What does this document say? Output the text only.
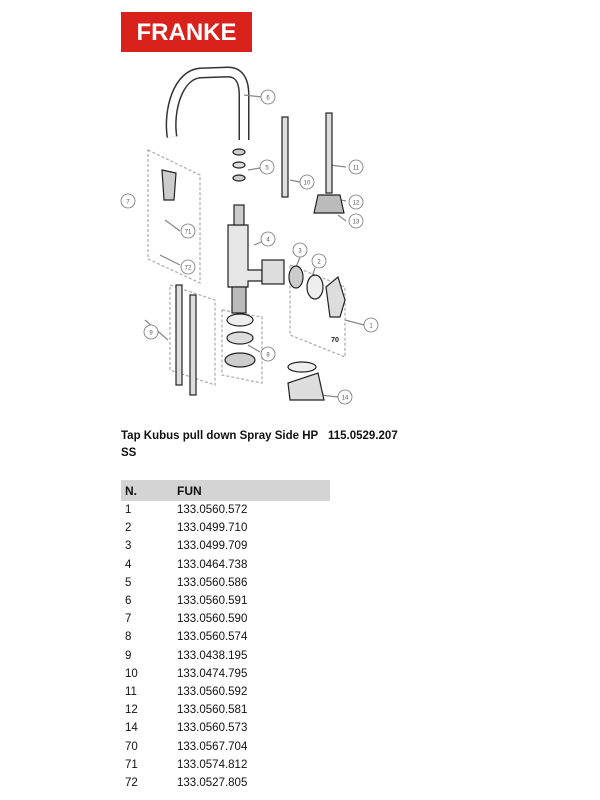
FRANKE
6
5
10
11
12
13
7
71
72
4
3
2
1
70
9
8
14
Tap Kubus pull down Spray Side HP SS
115.0529.207
N.	FUN
1	133.0560.572
2	133.0499.710
3	133.0499.709
4	133.0464.738
5	133.0560.586
6	133.0560.591
7	133.0560.590
8	133.0560.574
9	133.0438.195
10	133.0474.795
11	133.0560.592
12	133.0560.581
14	133.0560.573
70	133.0567.704
71	133.0574.812
72	133.0527.805
